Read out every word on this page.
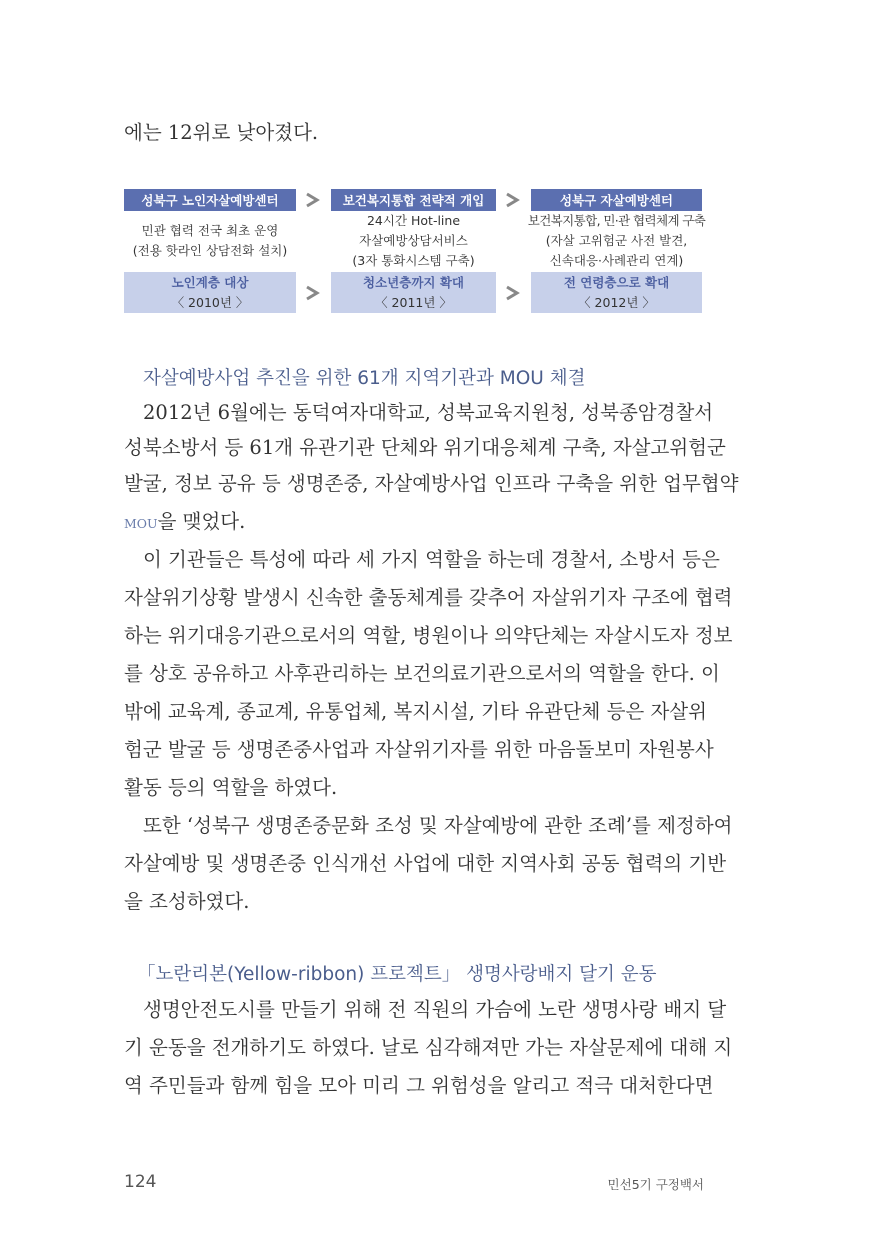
에는 12위로 낮아졌다.
성북구 노인자살예방센터
민관 협력 전국 최초 운영
(전용 핫라인 상담전화 설치)
노인계층 대상
〈 2010년 〉
보건복지통합 전략적 개입
24시간 Hot-line
자살예방상담서비스
(3자 통화시스템 구축)
청소년층까지 확대
〈 2011년 〉
성북구 자살예방센터
보건복지통합, 민·관 협력체계 구축
(자살 고위험군 사전 발견,
신속대응·사례관리 연계)
전 연령층으로 확대
〈 2012년 〉
자살예방사업 추진을 위한 61개 지역기관과 MOU 체결
2012년 6월에는 동덕여자대학교, 성북교육지원청, 성북종암경찰서
성북소방서 등 61개 유관기관 단체와 위기대응체계 구축, 자살고위험군
발굴, 정보 공유 등 생명존중, 자살예방사업 인프라 구축을 위한 업무협약
MOU을 맺었다.
이 기관들은 특성에 따라 세 가지 역할을 하는데 경찰서, 소방서 등은
자살위기상황 발생시 신속한 출동체계를 갖추어 자살위기자 구조에 협력
하는 위기대응기관으로서의 역할, 병원이나 의약단체는 자살시도자 정보
를 상호 공유하고 사후관리하는 보건의료기관으로서의 역할을 한다. 이
밖에 교육계, 종교계, 유통업체, 복지시설, 기타 유관단체 등은 자살위
험군 발굴 등 생명존중사업과 자살위기자를 위한 마음돌보미 자원봉사
활동 등의 역할을 하였다.
또한 ‘성북구 생명존중문화 조성 및 자살예방에 관한 조례’를 제정하여
자살예방 및 생명존중 인식개선 사업에 대한 지역사회 공동 협력의 기반
을 조성하였다.
「노란리본(Yellow-ribbon) 프로젝트」 생명사랑배지 달기 운동
생명안전도시를 만들기 위해 전 직원의 가슴에 노란 생명사랑 배지 달
기 운동을 전개하기도 하였다. 날로 심각해져만 가는 자살문제에 대해 지
역 주민들과 함께 힘을 모아 미리 그 위험성을 알리고 적극 대처한다면
124	민선5기 구정백서
